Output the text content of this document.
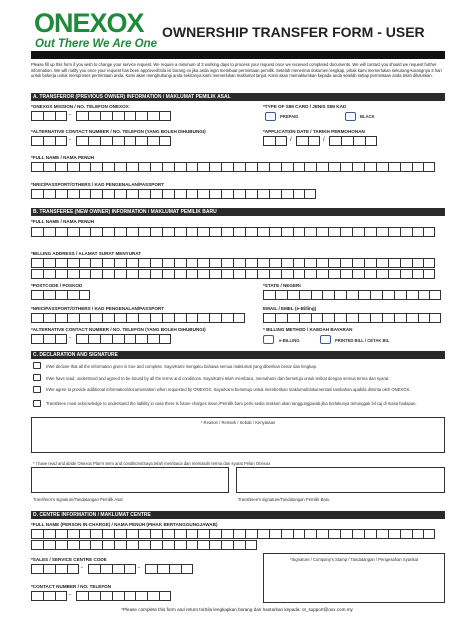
ONEXOX
Out There We Are One
OWNERSHIP TRANSFER FORM - USER
Please fill up this form if you wish to change your service request. We require a minimum of 3 working days to process your request once we received completed documents. We will contact you should we request further information. We will notify you once your request has been approved/Sila isi borang ini jika anda ingin membuat permintaan pemilik. Setelah menerima dokumen lengkap, pihak kami memerlukan sekurang-kurangnya 3 hari untuk bekerja untuk memproses permintaan anda. Kami akan menghubungi anda sekiranya kami memerlukan maklumat lanjut. Kami akan memaklumkan kepada anda setelah setiap permintaan anda telah diluluskan.
A. TRANSFEROR (PREVIOUS OWNER) INFORMATION / MAKLUMAT PEMILIK ASAL
*ONEXOX MISSION / NO. TELEFON ONEXOX
-
*TYPE OF SIM CARD / JENIS SIM KAD
PREPAID	BLACK
*ALTERNATIVE CONTACT NUMBER / NO. TELEFON (YANG BOLEH DIHUBUNGI)
-
*APPLICATION DATE / TARIKH PERMOHONAN
/	/
*FULL NAME / NAMA PENUH
*NRIC/PASSPORT/OTHERS / KAD PENGENALAN/PASSPORT
B. TRANSFEREE (NEW OWNER) INFORMATION / MAKLUMAT PEMILIK BARU
*FULL NAME / NAMA PENUH
*BILLING ADDRESS / ALAMAT SURAT MENYURAT
*POSTCODE / POSKOD	*STATE / NEGERI
*NRIC/PASSPORT/OTHERS / KAD PENGENALAN/PASSPORT	EMAIL / EMEL (e-Billing)
*ALTERNATIVE CONTACT NUMBER / NO. TELEFON (YANG BOLEH DIHUBUNGI)
-
* BILLING METHOD / KAEDAH BAYARAN
e-BILLING	PRINTED BILL / CETAK BIL
C. DECLARATION AND SIGNATURE
I/We declare that all the information given is true and complete. Saya/Kami mengaku bahawa semua maklumat yang diberikan benar dan lengkap.
I/We have read, understood and agreed to be bound by all the terms and conditions. Saya/Kami telah membaca, memahami dan bersetuju untuk terikat dengan semua terma dan syarat.
I/We agree to provide additional information/documentation when requested by ONEXOX. Saya/Kami bersetuju untuk memberikan maklumat/dokumentasi tambahan apabila diminta oleh ONEXOX.
Transferee must acknowledge to understand the liability in case there is future charges issue./Pemilik baru perlu sedia maklum akan tanggungjawab jika berlakunya tertunggak bil caj di masa hadapan.
* Reason / Remark / Sebab / Kenyataan
* I have read and abide Onexox Plan's term and conditions/Saya telah membaca dan mematuhi terma dan syarat Pelan Onexox
Transferor's signature/Tandatangan Pemilik Asal	Transferee's signature/Tandatangan Pemilik Baru
D. CENTRE INFORMATION / MAKLUMAT CENTRE
*FULL NAME (PERSON IN-CHARGE) / NAMA PENUH (PIHAK BERTANGGUNGJAWAB)
*SALES / SERVICE CENTRE CODE
-	-
*Signature / Company's Stamp / Tandatangan / Pengesahan Syarikat
*CONTACT NUMBER / NO. TELEFON
-
*Please complete this form and return to/Sila lengkapkan borang dan hantarkan kepada: ot_support@oxx.com.my
